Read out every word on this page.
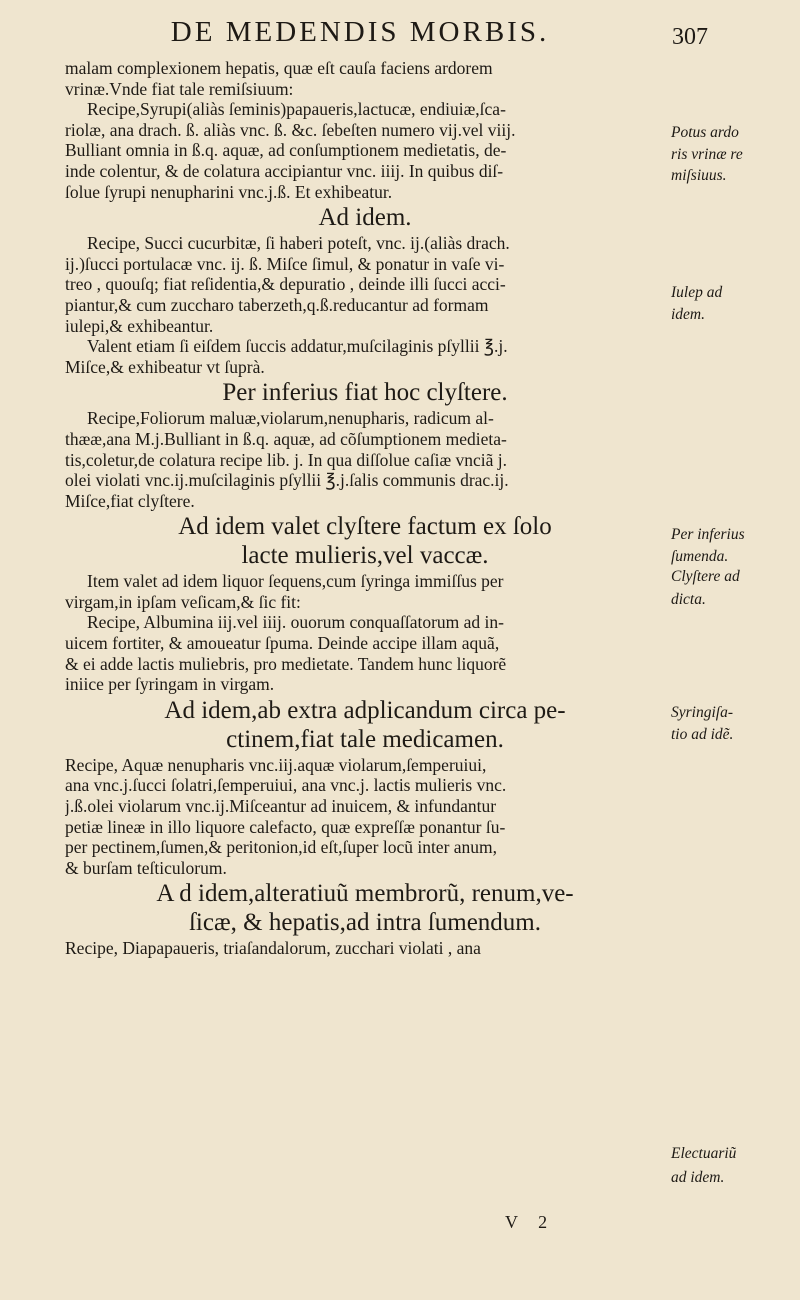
DE MEDENDIS MORBIS.	307

malam complexionem hepatis, quæ eſt cauſa faciens ardorem

vrinæ.Vnde fiat tale remiſsiuum:

Recipe,Syrupi(aliàs ſeminis)papaueris,lactucæ, endiuiæ,ſca-

riolæ, ana drach. ß. aliàs vnc. ß. &c. ſebeſten numero vij.vel viij.

Bulliant omnia in ß.q. aquæ, ad conſumptionem medietatis, de-

inde colentur, & de colatura accipiantur vnc. iiij. In quibus diſ-

ſolue ſyrupi nenupharini vnc.j.ß. Et exhibeatur.

Ad idem.

Recipe, Succi cucurbitæ, ſi haberi poteſt, vnc. ij.(aliàs drach.

ij.)ſucci portulacæ vnc. ij. ß. Miſce ſimul, & ponatur in vaſe vi-

treo , quouſq; fiat reſidentia,& depuratio , deinde illi ſucci acci-

piantur,& cum zuccharo taberzeth,q.ß.reducantur ad formam

iulepi,& exhibeantur.

Valent etiam ſi eiſdem ſuccis addatur,muſcilaginis pſyllii ℥.j.

Miſce,& exhibeatur vt ſuprà.

Per inferius fiat hoc clyſtere.

Recipe,Foliorum maluæ,violarum,nenupharis, radicum al-

thææ,ana M.j.Bulliant in ß.q. aquæ, ad cõſumptionem medieta-

tis,coletur,de colatura recipe lib. j. In qua diſſolue caſiæ vnciã j.

olei violati vnc.ij.muſcilaginis pſyllii ℥.j.ſalis communis drac.ij.

Miſce,fiat clyſtere.

Ad idem valet clyſtere factum ex ſolo
lacte mulieris,vel vaccæ.

Item valet ad idem liquor ſequens,cum ſyringa immiſſus per

virgam,in ipſam veſicam,& ſic fit:

Recipe, Albumina iij.vel iiij. ouorum conquaſſatorum ad in-

uicem fortiter, & amoueatur ſpuma. Deinde accipe illam aquã,

& ei adde lactis muliebris, pro medietate. Tandem hunc liquorẽ

iniice per ſyringam in virgam.

Ad idem,ab extra adplicandum circa pe-
ctinem,fiat tale medicamen.

Recipe, Aquæ nenupharis vnc.iij.aquæ violarum,ſemperuiui,

ana vnc.j.ſucci ſolatri,ſemperuiui, ana vnc.j. lactis mulieris vnc.

j.ß.olei violarum vnc.ij.Miſceantur ad inuicem, & infundantur

petiæ lineæ in illo liquore calefacto, quæ expreſſæ ponantur ſu-

per pectinem,ſumen,& peritonion,id eſt,ſuper locũ inter anum,

& burſam teſticulorum.

A d idem,alteratiuũ membrorũ, renum,ve-
ſicæ, & hepatis,ad intra ſumendum.

Recipe, Diapapaueris, triaſandalorum, zucchari violati , ana

Potus ardo
ris vrinæ re
miſsiuus.
Iulep ad
idem.
Per inferius
ſumenda.
Clyſtere ad
dicta.
Syringiſa-
tio ad idẽ.
Electuariũ
ad idem.
V 2
